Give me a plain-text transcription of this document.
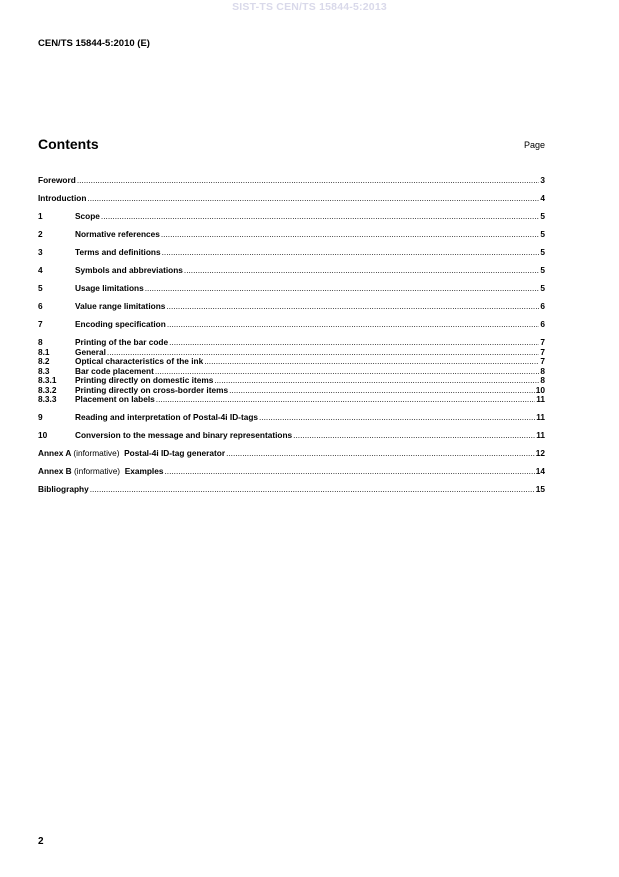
SIST-TS CEN/TS 15844-5:2013
CEN/TS 15844-5:2010 (E)
Contents	Page
Foreword .....	3
Introduction .....	4
1	Scope .....	5
2	Normative references .....	5
3	Terms and definitions .....	5
4	Symbols and abbreviations .....	5
5	Usage limitations .....	5
6	Value range limitations .....	6
7	Encoding specification .....	6
8	Printing of the bar code .....	7
8.1	General .....	7
8.2	Optical characteristics of the ink .....	7
8.3	Bar code placement .....	8
8.3.1	Printing directly on domestic items .....	8
8.3.2	Printing directly on cross-border items .....	10
8.3.3	Placement on labels .....	11
9	Reading and interpretation of Postal-4i ID-tags .....	11
10	Conversion to the message and binary representations .....	11
Annex A (informative) Postal-4i ID-tag generator .....	12
Annex B (informative) Examples .....	14
Bibliography .....	15
2
